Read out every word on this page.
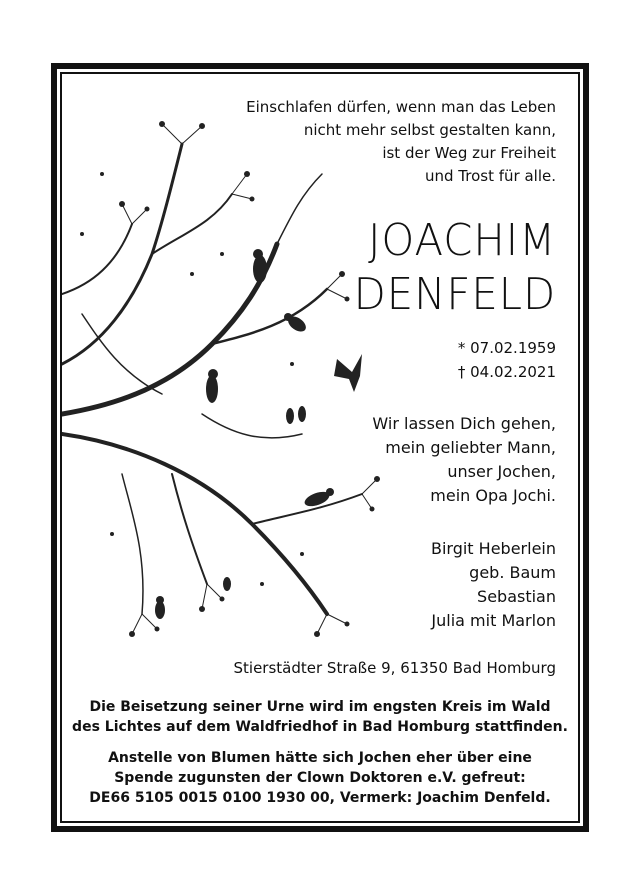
Einschlafen dürfen, wenn man das Leben
nicht mehr selbst gestalten kann,
ist der Weg zur Freiheit
und Trost für alle.
JOACHIM
DENFELD
* 07.02.1959
† 04.02.2021
Wir lassen Dich gehen,
mein geliebter Mann,
unser Jochen,
mein Opa Jochi.
Birgit Heberlein
geb. Baum
Sebastian
Julia mit Marlon
Stierstädter Straße 9, 61350 Bad Homburg
Die Beisetzung seiner Urne wird im engsten Kreis im Wald
des Lichtes auf dem Waldfriedhof in Bad Homburg stattfinden.
Anstelle von Blumen hätte sich Jochen eher über eine
Spende zugunsten der Clown Doktoren e.V. gefreut:
DE66 5105 0015 0100 1930 00, Vermerk: Joachim Denfeld.
